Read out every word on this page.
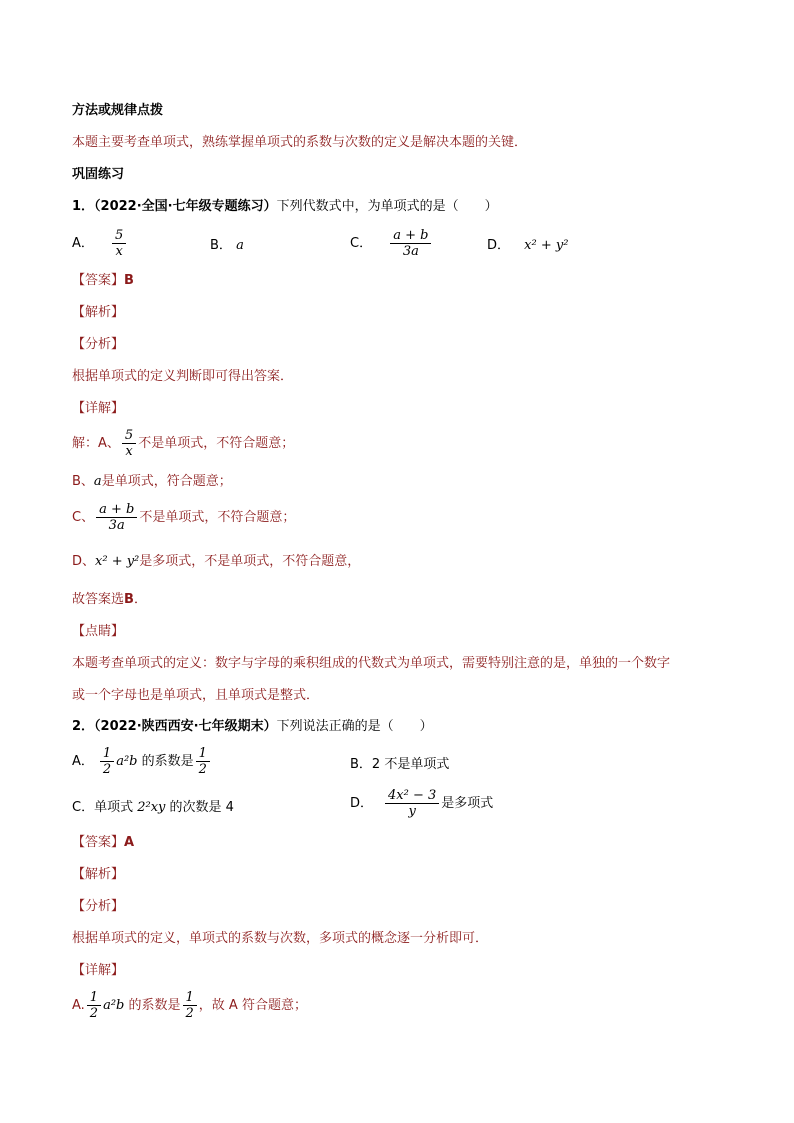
方法或规律点拨
本题主要考查单项式，熟练掌握单项式的系数与次数的定义是解决本题的关键．
巩固练习
1．（2022·全国·七年级专题练习）下列代数式中，为单项式的是（　　）
A． $\frac{5}{x}$	B． a	C． $\frac{a + b}{3a}$	D． x² + y²
【答案】B
【解析】
【分析】
根据单项式的定义判断即可得出答案．
【详解】
解：A、 $\frac{5}{x}$ 不是单项式，不符合题意；
B、a是单项式，符合题意；
C、 $\frac{a + b}{3a}$ 不是单项式，不符合题意；
D、x² + y²是多项式，不是单项式，不符合题意，
故答案选B．
【点睛】
本题考查单项式的定义：数字与字母的乘积组成的代数式为单项式，需要特别注意的是，单独的一个数字
或一个字母也是单项式，且单项式是整式．
2．（2022·陕西西安·七年级期末）下列说法正确的是（　　）
A． $\frac{1}{2} a^2b$ 的系数是 $\frac{1}{2}$	B．2 不是单项式
C．单项式 2²xy 的次数是 4	D． $\frac{\text{4x² − 3}}{y}$ 是多项式
【答案】A
【解析】
【分析】
根据单项式的定义，单项式的系数与次数，多项式的概念逐一分析即可．
【详解】
A. $\frac{1}{2} a^2b$ 的系数是 $\frac{1}{2}$ ，故 A 符合题意；
